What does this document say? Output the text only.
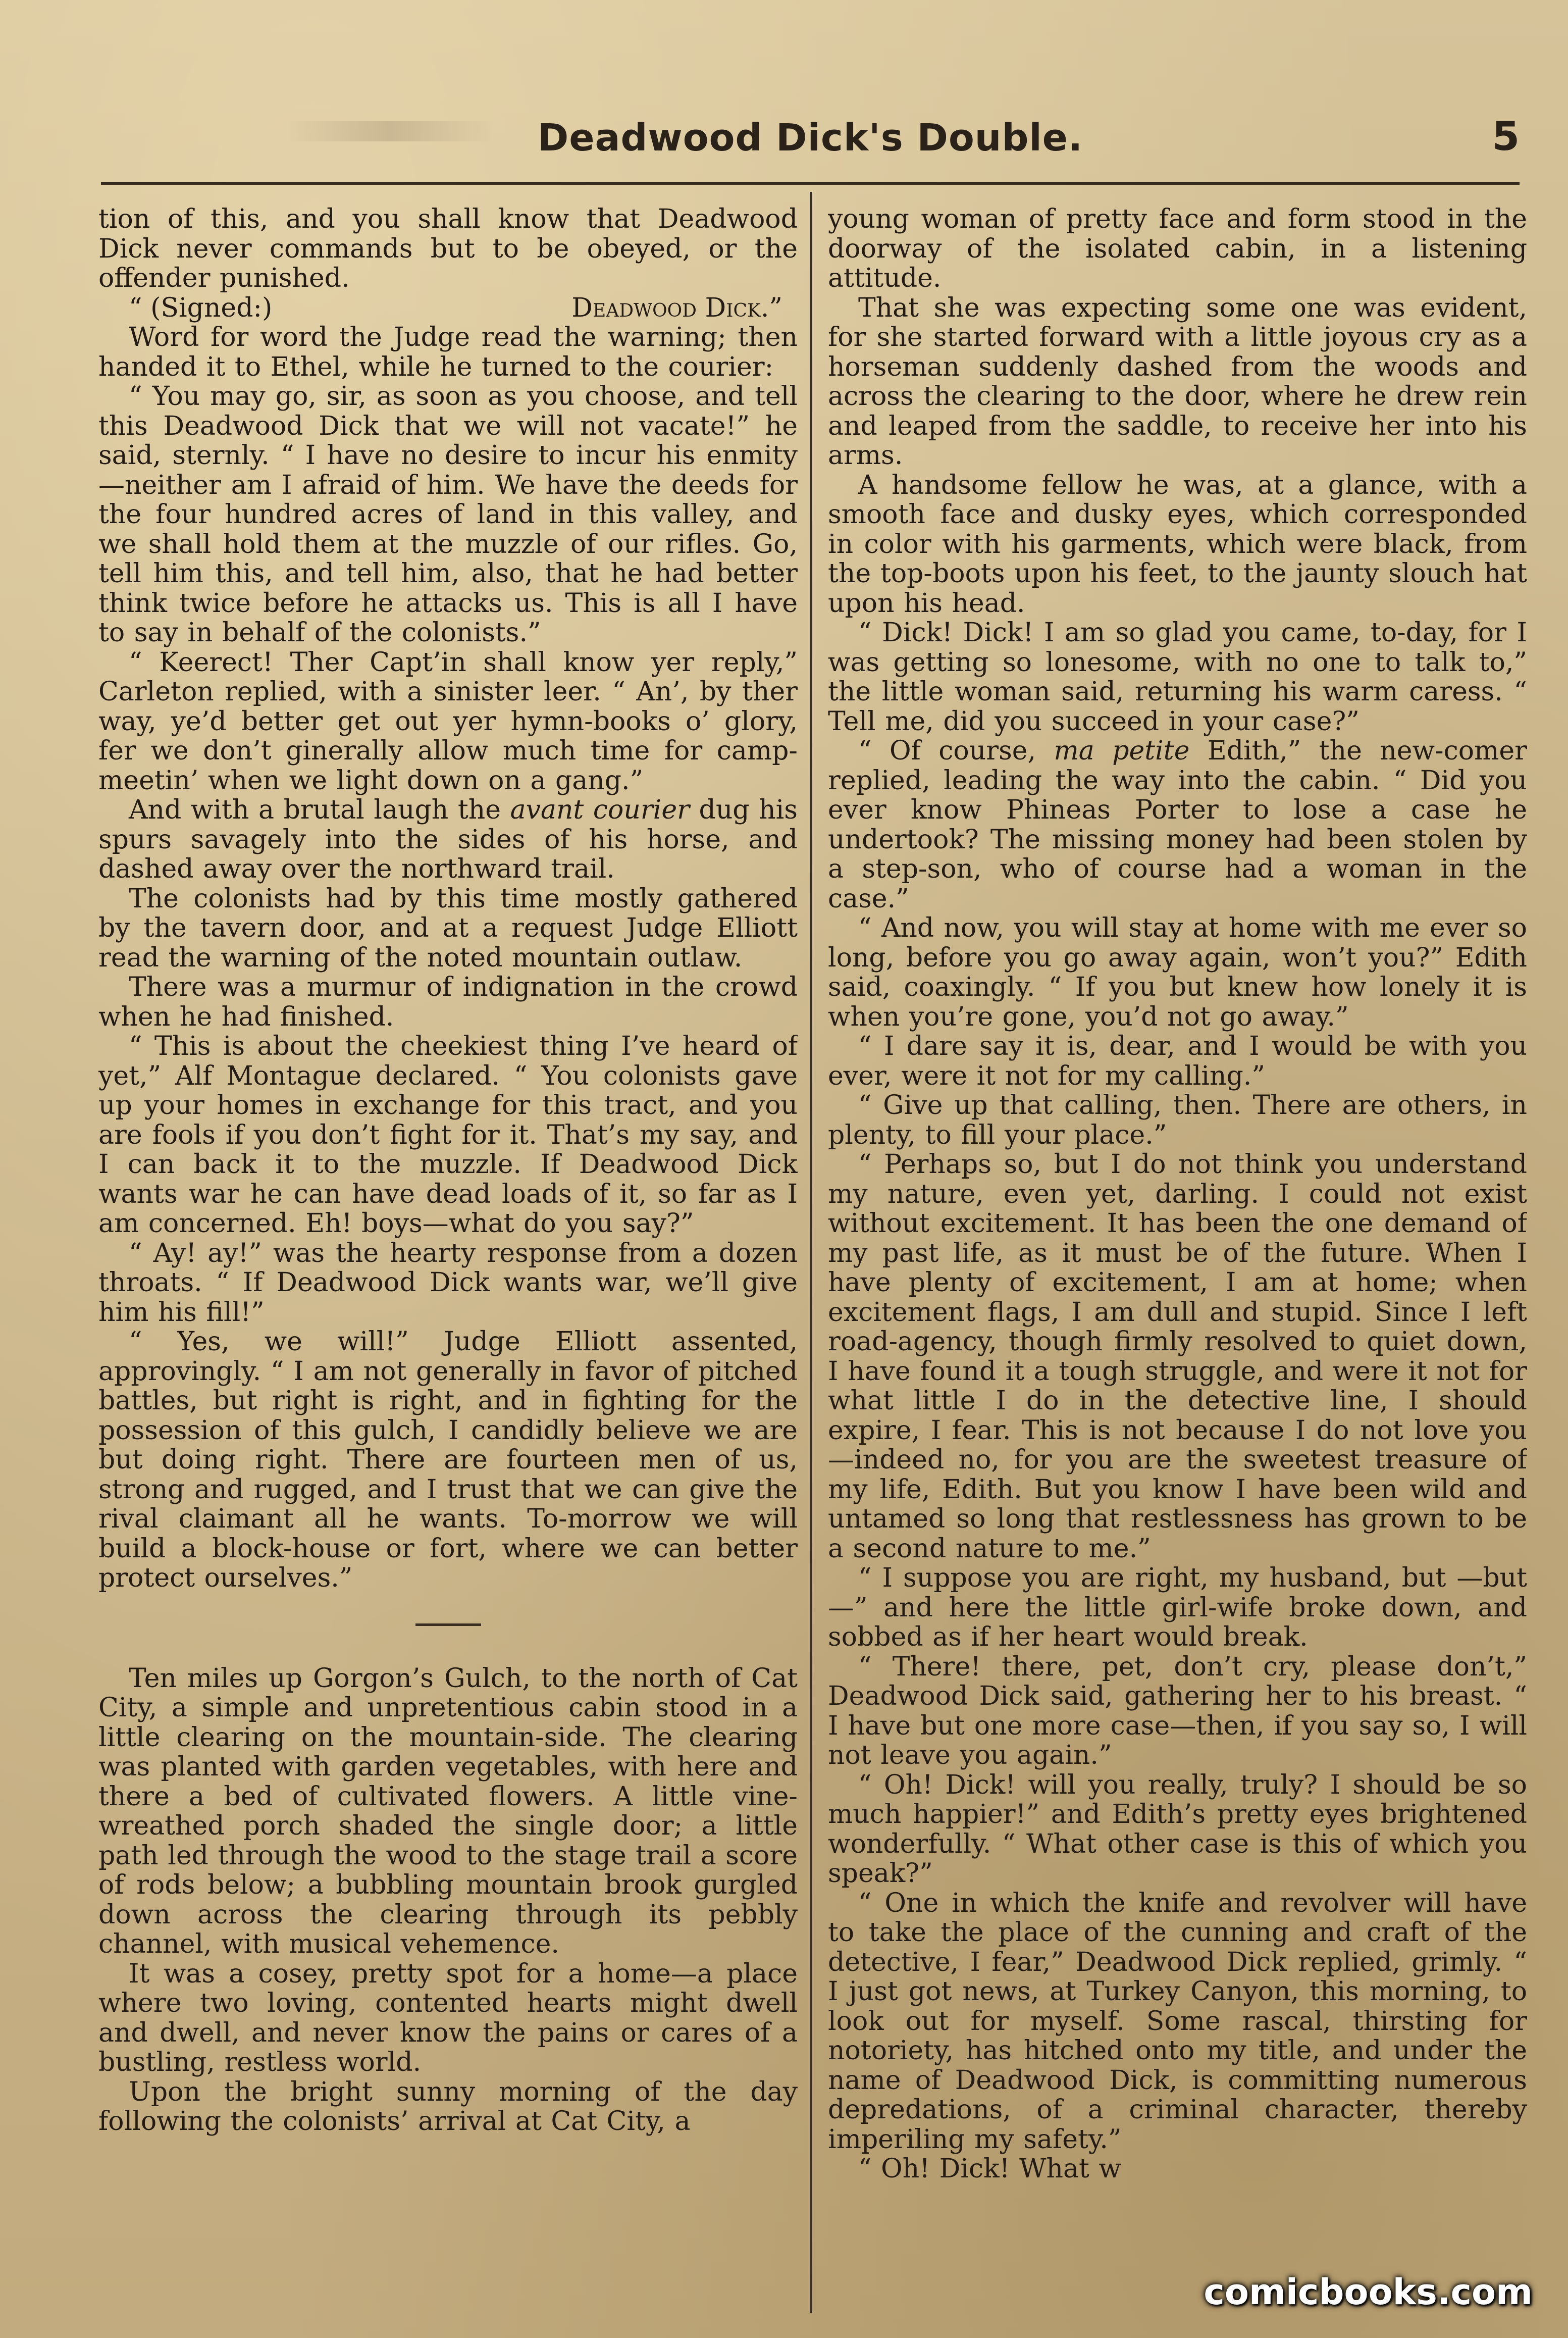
Deadwood Dick's Double.	5

tion of this, and you shall know that Deadwood Dick never commands but to be obeyed, or the offender punished.

“ (Signed:)	Deadwood Dick.”

Word for word the Judge read the warning; then handed it to Ethel, while he turned to the courier:

“ You may go, sir, as soon as you choose, and tell this Deadwood Dick that we will not vacate!” he said, sternly. “ I have no desire to incur his enmity—neither am I afraid of him. We have the deeds for the four hundred acres of land in this valley, and we shall hold them at the muzzle of our rifles. Go, tell him this, and tell him, also, that he had better think twice before he attacks us. This is all I have to say in behalf of the colonists.”

“ Keerect! Ther Capt’in shall know yer reply,” Carleton replied, with a sinister leer. “ An’, by ther way, ye’d better get out yer hymn-books o’ glory, fer we don’t ginerally allow much time for camp-meetin’ when we light down on a gang.”

And with a brutal laugh the avant courier dug his spurs savagely into the sides of his horse, and dashed away over the northward trail.

The colonists had by this time mostly gathered by the tavern door, and at a request Judge Elliott read the warning of the noted mountain outlaw.

There was a murmur of indignation in the crowd when he had finished.

“ This is about the cheekiest thing I’ve heard of yet,” Alf Montague declared. “ You colonists gave up your homes in exchange for this tract, and you are fools if you don’t fight for it. That’s my say, and I can back it to the muzzle. If Deadwood Dick wants war he can have dead loads of it, so far as I am concerned. Eh! boys—what do you say?”

“ Ay! ay!” was the hearty response from a dozen throats. “ If Deadwood Dick wants war, we’ll give him his fill!”

“ Yes, we will!” Judge Elliott assented, approvingly. “ I am not generally in favor of pitched battles, but right is right, and in fighting for the possession of this gulch, I candidly believe we are but doing right. There are fourteen men of us, strong and rugged, and I trust that we can give the rival claimant all he wants. To-morrow we will build a block-house or fort, where we can better protect ourselves.”

Ten miles up Gorgon’s Gulch, to the north of Cat City, a simple and unpretentious cabin stood in a little clearing on the mountain-side. The clearing was planted with garden vegetables, with here and there a bed of cultivated flowers. A little vine-wreathed porch shaded the single door; a little path led through the wood to the stage trail a score of rods below; a bubbling mountain brook gurgled down across the clearing through its pebbly channel, with musical vehemence.

It was a cosey, pretty spot for a home—a place where two loving, contented hearts might dwell and dwell, and never know the pains or cares of a bustling, restless world.

Upon the bright sunny morning of the day following the colonists’ arrival at Cat City, a

young woman of pretty face and form stood in the doorway of the isolated cabin, in a listening attitude.

That she was expecting some one was evident, for she started forward with a little joyous cry as a horseman suddenly dashed from the woods and across the clearing to the door, where he drew rein and leaped from the saddle, to receive her into his arms.

A handsome fellow he was, at a glance, with a smooth face and dusky eyes, which corresponded in color with his garments, which were black, from the top-boots upon his feet, to the jaunty slouch hat upon his head.

“ Dick! Dick! I am so glad you came, to-day, for I was getting so lonesome, with no one to talk to,” the little woman said, returning his warm caress. “ Tell me, did you succeed in your case?”

“ Of course, ma petite Edith,” the new-comer replied, leading the way into the cabin. “ Did you ever know Phineas Porter to lose a case he undertook? The missing money had been stolen by a step-son, who of course had a woman in the case.”

“ And now, you will stay at home with me ever so long, before you go away again, won’t you?” Edith said, coaxingly. “ If you but knew how lonely it is when you’re gone, you’d not go away.”

“ I dare say it is, dear, and I would be with you ever, were it not for my calling.”

“ Give up that calling, then. There are others, in plenty, to fill your place.”

“ Perhaps so, but I do not think you understand my nature, even yet, darling. I could not exist without excitement. It has been the one demand of my past life, as it must be of the future. When I have plenty of excitement, I am at home; when excitement flags, I am dull and stupid. Since I left road-agency, though firmly resolved to quiet down, I have found it a tough struggle, and were it not for what little I do in the detective line, I should expire, I fear. This is not because I do not love you—indeed no, for you are the sweetest treasure of my life, Edith. But you know I have been wild and untamed so long that restlessness has grown to be a second nature to me.”

“ I suppose you are right, my husband, but —but—” and here the little girl-wife broke down, and sobbed as if her heart would break.

“ There! there, pet, don’t cry, please don’t,” Deadwood Dick said, gathering her to his breast. “ I have but one more case—then, if you say so, I will not leave you again.”

“ Oh! Dick! will you really, truly? I should be so much happier!” and Edith’s pretty eyes brightened wonderfully. “ What other case is this of which you speak?”

“ One in which the knife and revolver will have to take the place of the cunning and craft of the detective, I fear,” Deadwood Dick replied, grimly. “ I just got news, at Turkey Canyon, this morning, to look out for myself. Some rascal, thirsting for notoriety, has hitched onto my title, and under the name of Deadwood Dick, is committing numerous depredations, of a criminal character, thereby imperiling my safety.”

“ Oh! Dick! What w

comicbooks.com
